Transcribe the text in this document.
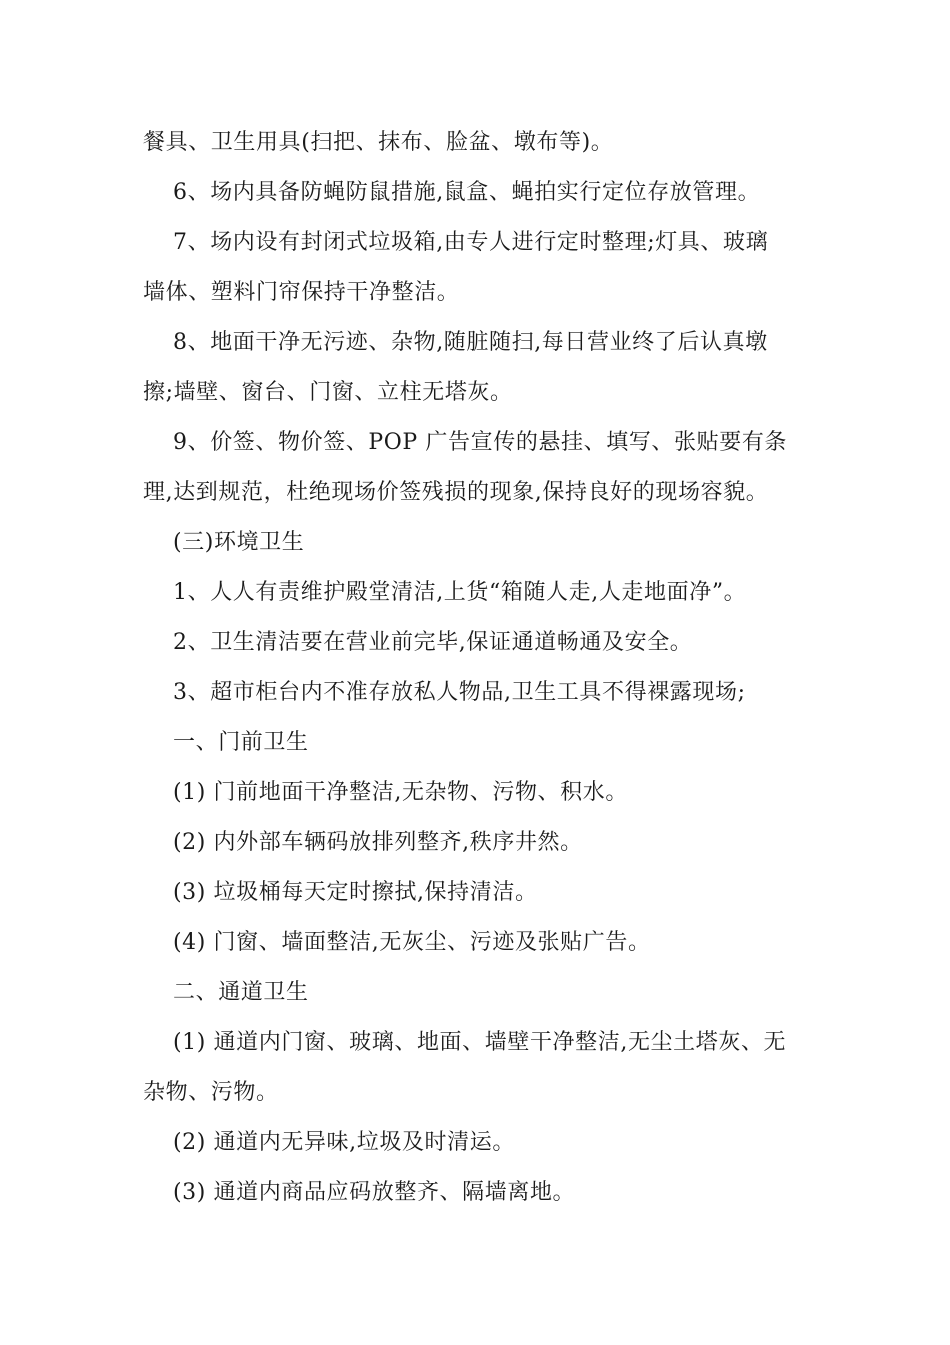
餐具、卫生用具(扫把、抹布、脸盆、墩布等)。

6、场内具备防蝇防鼠措施,鼠盒、蝇拍实行定位存放管理。

7、场内设有封闭式垃圾箱,由专人进行定时整理;灯具、玻璃

墙体、塑料门帘保持干净整洁。

8、地面干净无污迹、杂物,随脏随扫,每日营业终了后认真墩

擦;墙壁、窗台、门窗、立柱无塔灰。

9、价签、物价签、POP 广告宣传的悬挂、填写、张贴要有条

理,达到规范，杜绝现场价签残损的现象,保持良好的现场容貌。

(三)环境卫生

1、人人有责维护殿堂清洁,上货“箱随人走,人走地面净”。

2、卫生清洁要在营业前完毕,保证通道畅通及安全。

3、超市柜台内不准存放私人物品,卫生工具不得裸露现场;

一、门前卫生

(1) 门前地面干净整洁,无杂物、污物、积水。

(2) 内外部车辆码放排列整齐,秩序井然。

(3) 垃圾桶每天定时擦拭,保持清洁。

(4) 门窗、墙面整洁,无灰尘、污迹及张贴广告。

二、通道卫生

(1) 通道内门窗、玻璃、地面、墙壁干净整洁,无尘土塔灰、无

杂物、污物。

(2) 通道内无异味,垃圾及时清运。

(3) 通道内商品应码放整齐、隔墙离地。
